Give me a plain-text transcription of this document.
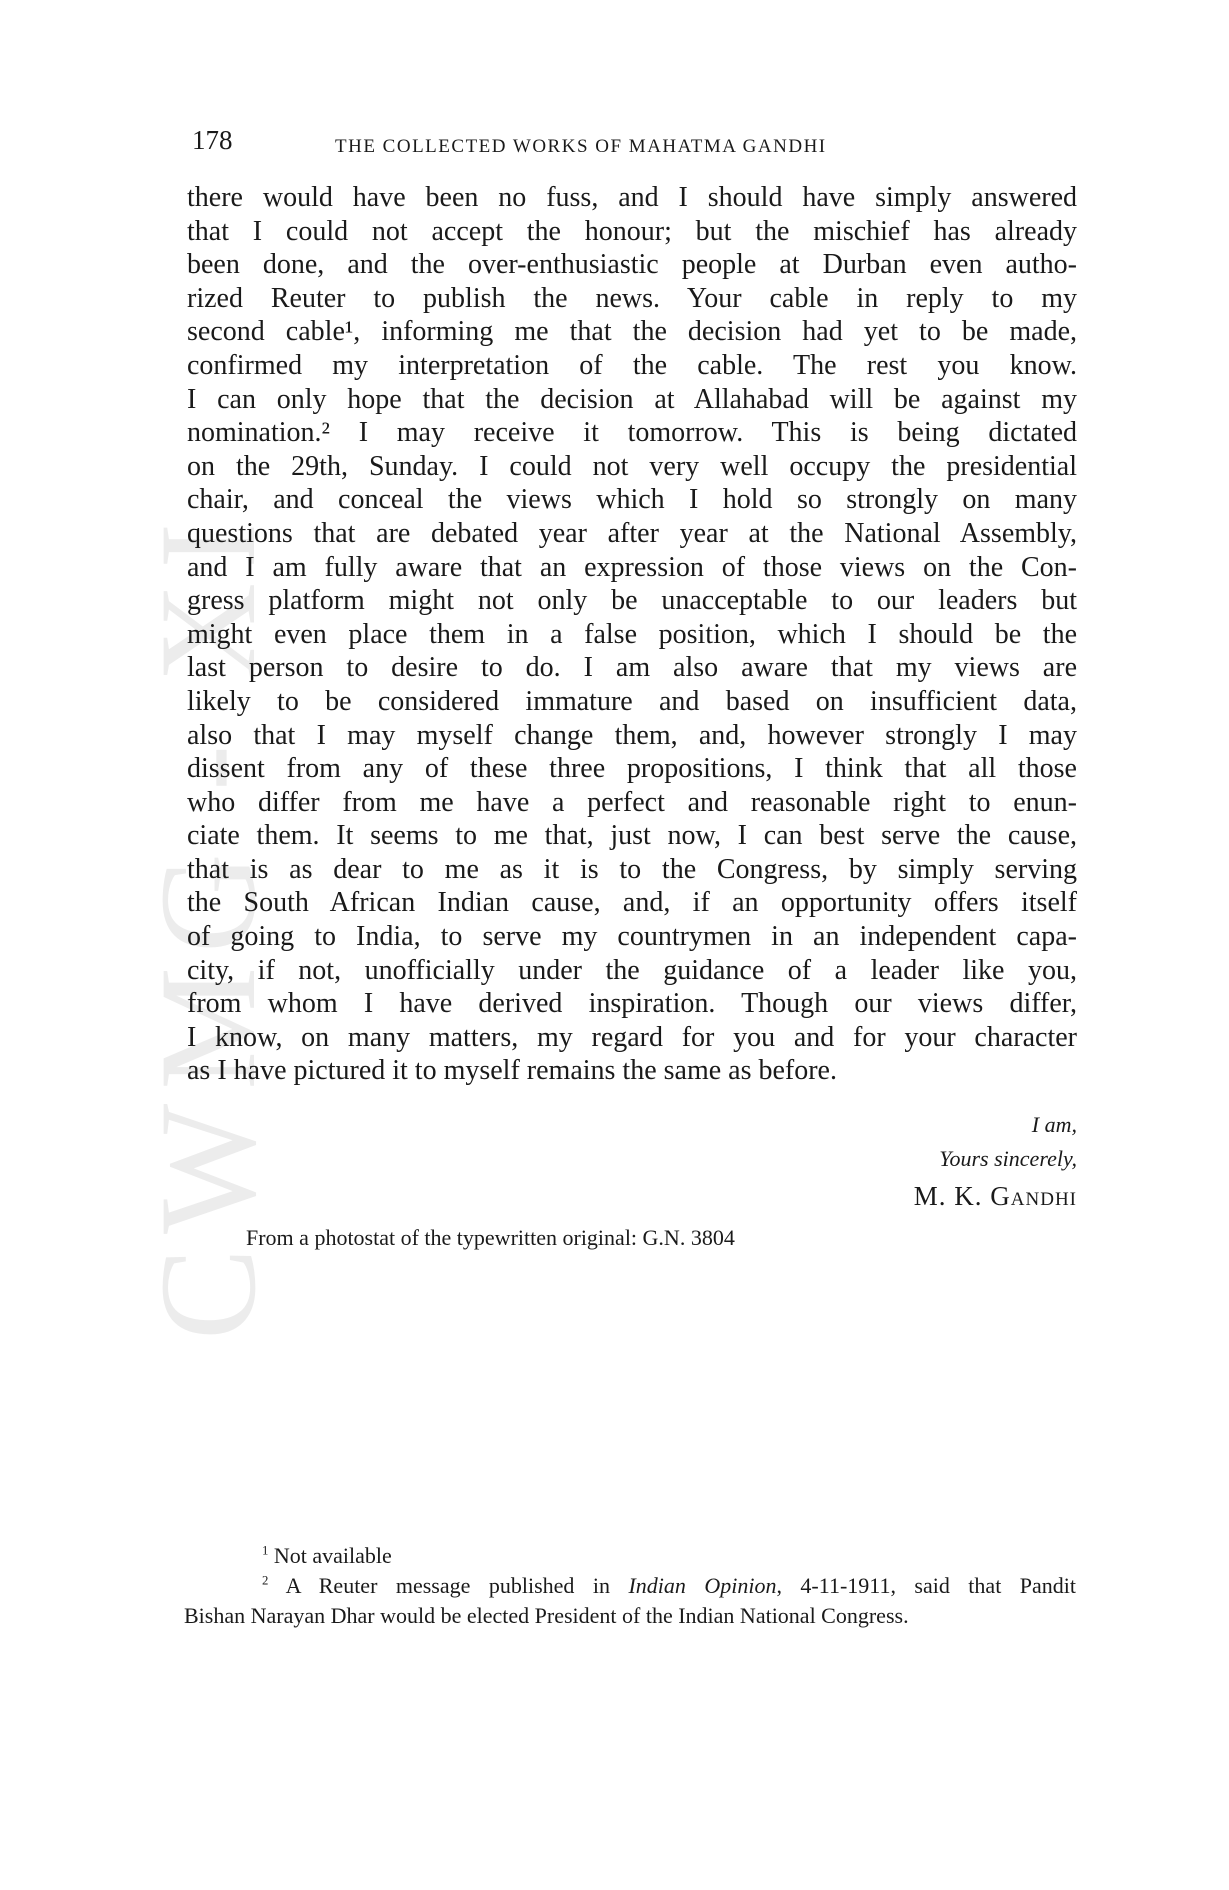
CWMG - XI
178	THE COLLECTED WORKS OF MAHATMA GANDHI
there would have been no fuss, and I should have simply answered
that I could not accept the honour; but the mischief has already
been done, and the over-enthusiastic people at Durban even autho-
rized Reuter to publish the news. Your cable in reply to my
second cable¹, informing me that the decision had yet to be made,
confirmed my interpretation of the cable. The rest you know.
I can only hope that the decision at Allahabad will be against my
nomination.² I may receive it tomorrow. This is being dictated
on the 29th, Sunday. I could not very well occupy the presidential
chair, and conceal the views which I hold so strongly on many
questions that are debated year after year at the National Assembly,
and I am fully aware that an expression of those views on the Con-
gress platform might not only be unacceptable to our leaders but
might even place them in a false position, which I should be the
last person to desire to do. I am also aware that my views are
likely to be considered immature and based on insufficient data,
also that I may myself change them, and, however strongly I may
dissent from any of these three propositions, I think that all those
who differ from me have a perfect and reasonable right to enun-
ciate them. It seems to me that, just now, I can best serve the cause,
that is as dear to me as it is to the Congress, by simply serving
the South African Indian cause, and, if an opportunity offers itself
of going to India, to serve my countrymen in an independent capa-
city, if not, unofficially under the guidance of a leader like you,
from whom I have derived inspiration. Though our views differ,
I know, on many matters, my regard for you and for your character
as I have pictured it to myself remains the same as before.
I am,
Yours sincerely,
M. K. Gandhi
From a photostat of the typewritten original: G.N. 3804
$^1$ Not available
$^2$ A Reuter message published in Indian Opinion, 4-11-1911, said that Pandit
Bishan Narayan Dhar would be elected President of the Indian National Congress.
